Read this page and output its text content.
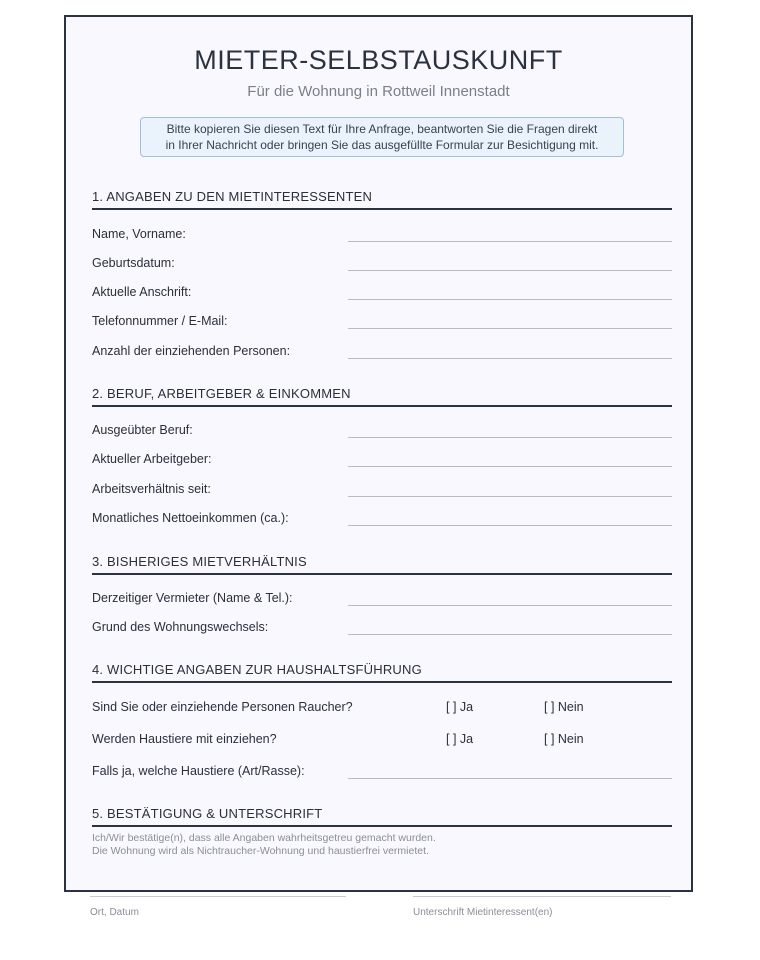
MIETER-SELBSTAUSKUNFT
Für die Wohnung in Rottweil Innenstadt
Bitte kopieren Sie diesen Text für Ihre Anfrage, beantworten Sie die Fragen direkt
in Ihrer Nachricht oder bringen Sie das ausgefüllte Formular zur Besichtigung mit.
1. ANGABEN ZU DEN MIETINTERESSENTEN
Name, Vorname:
Geburtsdatum:
Aktuelle Anschrift:
Telefonnummer / E-Mail:
Anzahl der einziehenden Personen:
2. BERUF, ARBEITGEBER & EINKOMMEN
Ausgeübter Beruf:
Aktueller Arbeitgeber:
Arbeitsverhältnis seit:
Monatliches Nettoeinkommen (ca.):
3. BISHERIGES MIETVERHÄLTNIS
Derzeitiger Vermieter (Name & Tel.):
Grund des Wohnungswechsels:
4. WICHTIGE ANGABEN ZUR HAUSHALTSFÜHRUNG
Sind Sie oder einziehende Personen Raucher?	[ ] Ja	[ ] Nein
Werden Haustiere mit einziehen?	[ ] Ja	[ ] Nein
Falls ja, welche Haustiere (Art/Rasse):
5. BESTÄTIGUNG & UNTERSCHRIFT
Ich/Wir bestätige(n), dass alle Angaben wahrheitsgetreu gemacht wurden.
Die Wohnung wird als Nichtraucher-Wohnung und haustierfrei vermietet.
Ort, Datum	Unterschrift Mietinteressent(en)
